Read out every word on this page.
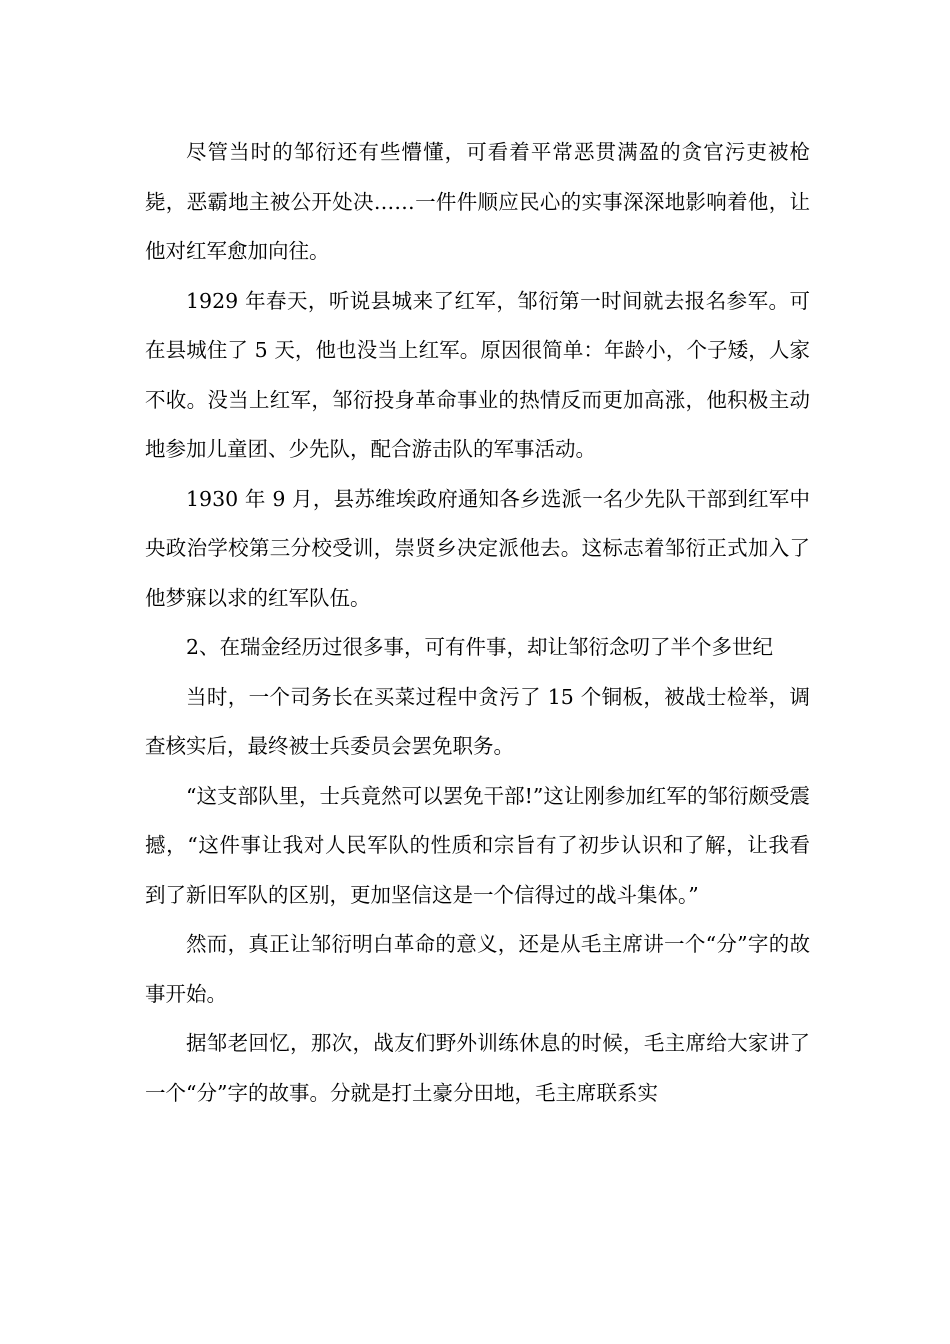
尽管当时的邹衍还有些懵懂，可看着平常恶贯满盈的贪官污吏被枪毙，恶霸地主被公开处决……一件件顺应民心的实事深深地影响着他，让他对红军愈加向往。

1929 年春天，听说县城来了红军，邹衍第一时间就去报名参军。可在县城住了 5 天，他也没当上红军。原因很简单：年龄小，个子矮，人家不收。没当上红军，邹衍投身革命事业的热情反而更加高涨，他积极主动地参加儿童团、少先队，配合游击队的军事活动。

1930 年 9 月，县苏维埃政府通知各乡选派一名少先队干部到红军中央政治学校第三分校受训，崇贤乡决定派他去。这标志着邹衍正式加入了他梦寐以求的红军队伍。

2、在瑞金经历过很多事，可有件事，却让邹衍念叨了半个多世纪

当时，一个司务长在买菜过程中贪污了 15 个铜板，被战士检举，调查核实后，最终被士兵委员会罢免职务。

“这支部队里，士兵竟然可以罢免干部!”这让刚参加红军的邹衍颇受震撼，“这件事让我对人民军队的性质和宗旨有了初步认识和了解，让我看到了新旧军队的区别，更加坚信这是一个信得过的战斗集体。”

然而，真正让邹衍明白革命的意义，还是从毛主席讲一个“分”字的故事开始。

据邹老回忆，那次，战友们野外训练休息的时候，毛主席给大家讲了一个“分”字的故事。分就是打土豪分田地，毛主席联系实
